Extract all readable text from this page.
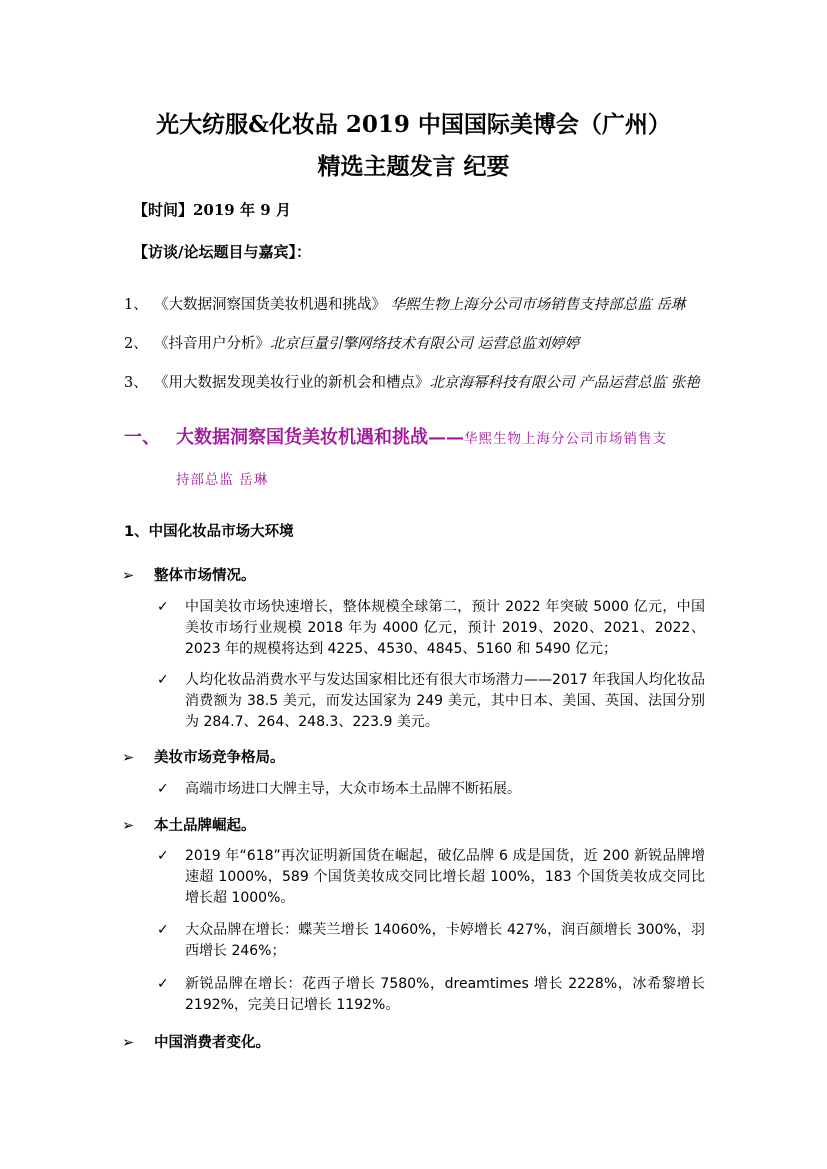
光大纺服&化妆品 2019 中国国际美博会（广州）
精选主题发言 纪要
【时间】2019 年 9 月
【访谈/论坛题目与嘉宾】：
1、 《大数据洞察国货美妆机遇和挑战》 华熙生物上海分公司市场销售支持部总监 岳琳
2、 《抖音用户分析》北京巨量引擎网络技术有限公司 运营总监刘婷婷
3、 《用大数据发现美妆行业的新机会和槽点》北京海幂科技有限公司 产品运营总监 张艳
一、 大数据洞察国货美妆机遇和挑战——华熙生物上海分公司市场销售支
持部总监 岳琳
1、中国化妆品市场大环境
➢ 整体市场情况。
✓ 中国美妆市场快速增长，整体规模全球第二，预计 2022 年突破 5000 亿元，中国美妆市场行业规模 2018 年为 4000 亿元，预计 2019、2020、2021、2022、2023 年的规模将达到 4225、4530、4845、5160 和 5490 亿元；
✓ 人均化妆品消费水平与发达国家相比还有很大市场潜力——2017 年我国人均化妆品消费额为 38.5 美元，而发达国家为 249 美元，其中日本、美国、英国、法国分别为 284.7、264、248.3、223.9 美元。
➢ 美妆市场竞争格局。
✓ 高端市场进口大牌主导，大众市场本土品牌不断拓展。
➢ 本土品牌崛起。
✓ 2019 年“618”再次证明新国货在崛起，破亿品牌 6 成是国货，近 200 新锐品牌增速超 1000%，589 个国货美妆成交同比增长超 100%，183 个国货美妆成交同比增长超 1000%。
✓ 大众品牌在增长：蝶芙兰增长 14060%，卡婷增长 427%，润百颜增长 300%，羽西增长 246%；
✓ 新锐品牌在增长：花西子增长 7580%，dreamtimes 增长 2228%，冰希黎增长 2192%，完美日记增长 1192%。
➢ 中国消费者变化。
